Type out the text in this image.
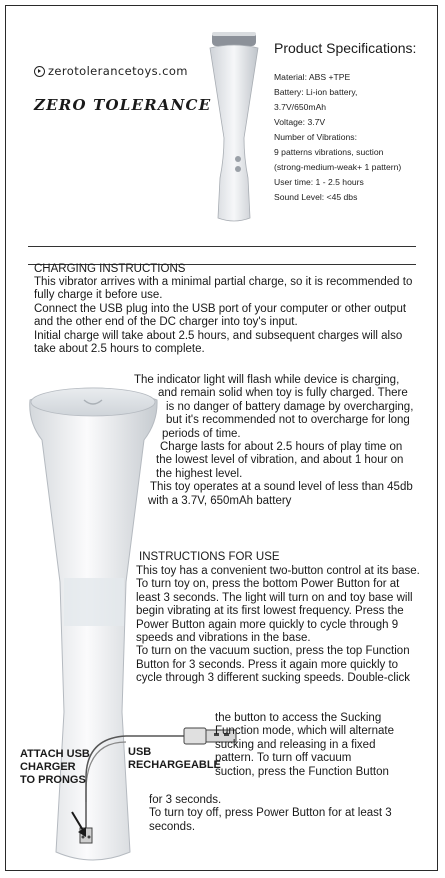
zerotolerancetoys.com
ZERO TOLERANCE
Product Specifications:
Material: ABS +TPE
Battery: Li-ion battery,
3.7V/650mAh
Voltage: 3.7V
Number of Vibrations:
9 patterns vibrations, suction
(strong-medium-weak+ 1 pattern)
User time: 1 - 2.5 hours
Sound Level: <45 dbs
CHARGING INSTRUCTIONS

This vibrator arrives with a minimal partial charge, so it is recommended to fully charge it before use.

Connect the USB plug into the USB port of your computer or other output and the other end of the DC charger into toy's input.

Initial charge will take about 2.5 hours, and subsequent charges will also take about 2.5 hours to complete.

The indicator light will flash while device is charging,
and remain solid when toy is fully charged. There
is no danger of battery damage by overcharging,
but it's recommended not to overcharge for long
periods of time.
Charge lasts for about 2.5 hours of play time on
the lowest level of vibration, and about 1 hour on
the highest level.
This toy operates at a sound level of less than 45db
with a 3.7V, 650mAh battery
INSTRUCTIONS FOR USE
This toy has a convenient two-button control at its base.
To turn toy on, press the bottom Power Button for at
least 3 seconds. The light will turn on and toy base will
begin vibrating at its first lowest frequency. Press the
Power Button again more quickly to cycle through 9
speeds and vibrations in the base.
To turn on the vacuum suction, press the top Function
Button for 3 seconds. Press it again more quickly to
cycle through 3 different sucking speeds. Double-click
the button to access the Sucking
Function mode, which will alternate
sucking and releasing in a fixed
pattern. To turn off vacuum
suction, press the Function Button
for 3 seconds.
To turn toy off, press Power Button for at least 3
seconds.
USB
RECHARGEABLE
ATTACH USB
CHARGER
TO PRONGS
